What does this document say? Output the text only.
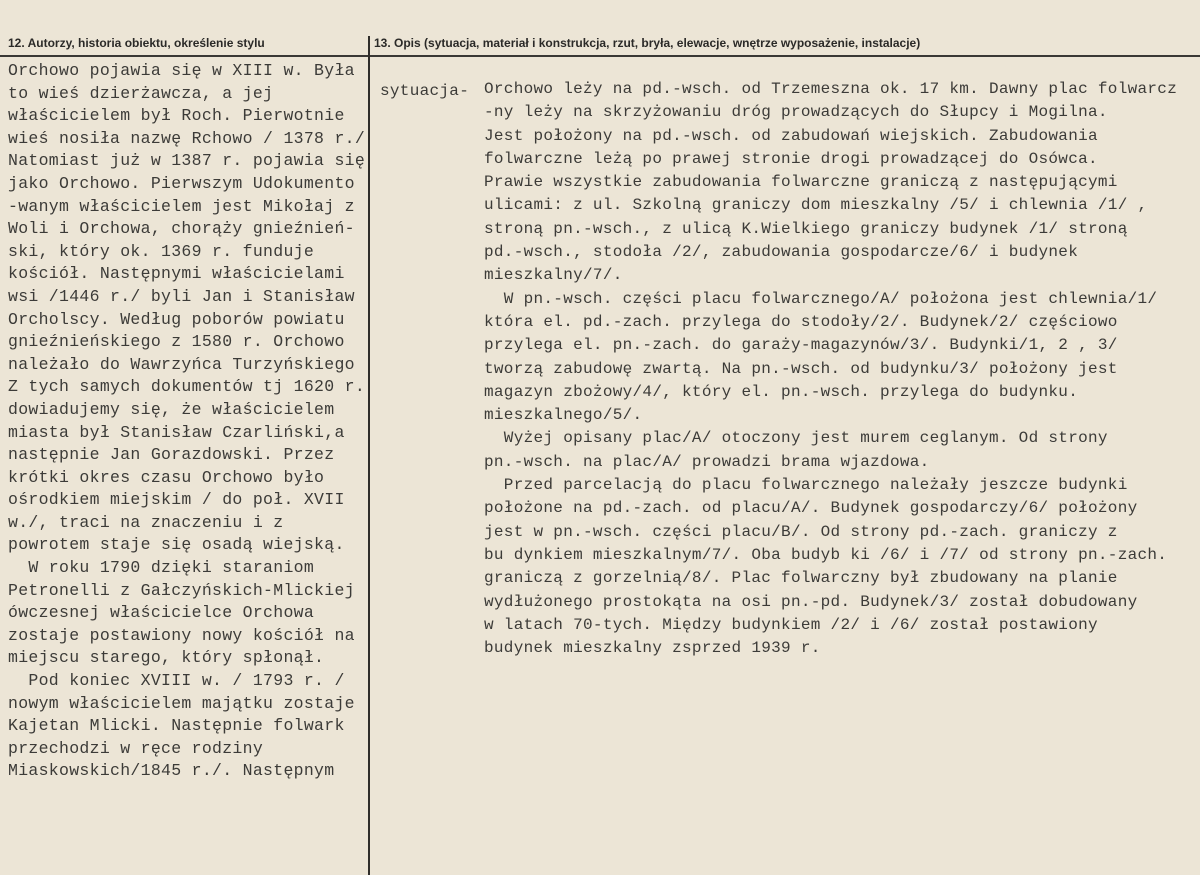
12. Autorzy, historia obiektu, określenie stylu	13. Opis (sytuacja, materiał i konstrukcja, rzut, bryła, elewacje, wnętrze wyposażenie, instalacje)
Orchowo pojawia się w XIII w. Była
to wieś dzierżawcza, a jej
właścicielem był Roch. Pierwotnie
wieś nosiła nazwę Rchowo / 1378 r./
Natomiast już w 1387 r. pojawia się
jako Orchowo. Pierwszym Udokumento
-wanym właścicielem jest Mikołaj z
Woli i Orchowa, chorąży gnieźnień-
ski, który ok. 1369 r. funduje
kościół. Następnymi właścicielami
wsi /1446 r./ byli Jan i Stanisław
Orcholscy. Według poborów powiatu
gnieźnieńskiego z 1580 r. Orchowo
należało do Wawrzyńca Turzyńskiego
Z tych samych dokumentów tj 1620 r.
dowiadujemy się, że właścicielem
miasta był Stanisław Czarliński,a
następnie Jan Gorazdowski. Przez
krótki okres czasu Orchowo było
ośrodkiem miejskim / do poł. XVII
w./, traci na znaczeniu i z
powrotem staje się osadą wiejską.
W roku 1790 dzięki staraniom
Petronelli z Gałczyńskich-Mlickiej
ówczesnej właścicielce Orchowa
zostaje postawiony nowy kościół na
miejscu starego, który spłonął.
Pod koniec XVIII w. / 1793 r. /
nowym właścicielem majątku zostaje
Kajetan Mlicki. Następnie folwark
przechodzi w ręce rodziny
Miaskowskich/1845 r./. Następnym
sytuacja- Orchowo leży na pd.-wsch. od Trzemeszna ok. 17 km. Dawny plac folwarcz
-ny leży na skrzyżowaniu dróg prowadzących do Słupcy i Mogilna.
Jest położony na pd.-wsch. od zabudowań wiejskich. Zabudowania
folwarczne leżą po prawej stronie drogi prowadzącej do Osówca.
Prawie wszystkie zabudowania folwarczne graniczą z następującymi
ulicami: z ul. Szkolną graniczy dom mieszkalny /5/ i chlewnia /1/ ,
stroną pn.-wsch., z ulicą K.Wielkiego graniczy budynek /1/ stroną
pd.-wsch., stodoła /2/, zabudowania gospodarcze/6/ i budynek
mieszkalny/7/.
W pn.-wsch. części placu folwarcznego/A/ położona jest chlewnia/1/
która el. pd.-zach. przylega do stodoły/2/. Budynek/2/ częściowo
przylega el. pn.-zach. do garaży-magazynów/3/. Budynki/1, 2 , 3/
tworzą zabudowę zwartą. Na pn.-wsch. od budynku/3/ położony jest
magazyn zbożowy/4/, który el. pn.-wsch. przylega do budynku.
mieszkalnego/5/.
Wyżej opisany plac/A/ otoczony jest murem ceglanym. Od strony
pn.-wsch. na plac/A/ prowadzi brama wjazdowa.
Przed parcelacją do placu folwarcznego należały jeszcze budynki
położone na pd.-zach. od placu/A/. Budynek gospodarczy/6/ położony
jest w pn.-wsch. części placu/B/. Od strony pd.-zach. graniczy z
bu dynkiem mieszkalnym/7/. Oba budyb ki /6/ i /7/ od strony pn.-zach.
graniczą z gorzelnią/8/. Plac folwarczny był zbudowany na planie
wydłużonego prostokąta na osi pn.-pd. Budynek/3/ został dobudowany
w latach 70-tych. Między budynkiem /2/ i /6/ został postawiony
budynek mieszkalny zsprzed 1939 r.
